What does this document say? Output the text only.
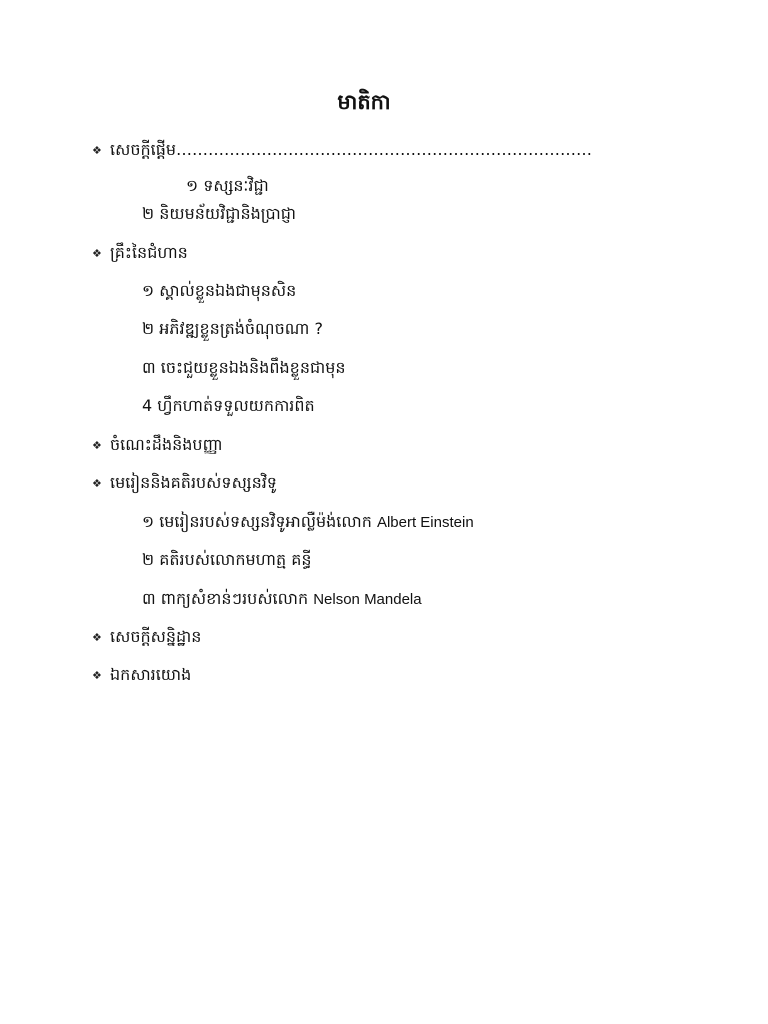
មាតិកា
❖ សេចក្តីផ្តើម……………………………………………………………………
១ ទស្សនៈវិជ្ជា
២ និយមន័យវិជ្ជានិងប្រាជ្ញា
❖ គ្រឹះនៃជំហាន
១ ស្គាល់ខ្លួនឯងជាមុនសិន
២ អភិវឌ្ឍខ្លួនត្រង់ចំណុចណា ?
៣ ចេះជួយខ្លួនឯងនិងពឹងខ្លួនជាមុន
4 ហ្វឹកហាត់ទទួលយកការពិត
❖ ចំណេះដឹងនិងបញ្ញា
❖ មេរៀននិងគតិរបស់ទស្សនវិទូ
១ មេរៀនរបស់ទស្សនវិទូអាល្លឺម៉ង់លោក Albert Einstein
២ គតិរបស់លោកមហាត្ម គន្ធី
៣ ពាក្យសំខាន់ៗរបស់លោក Nelson Mandela
❖ សេចក្តីសន្និដ្ឋាន
❖ ឯកសារយោង
